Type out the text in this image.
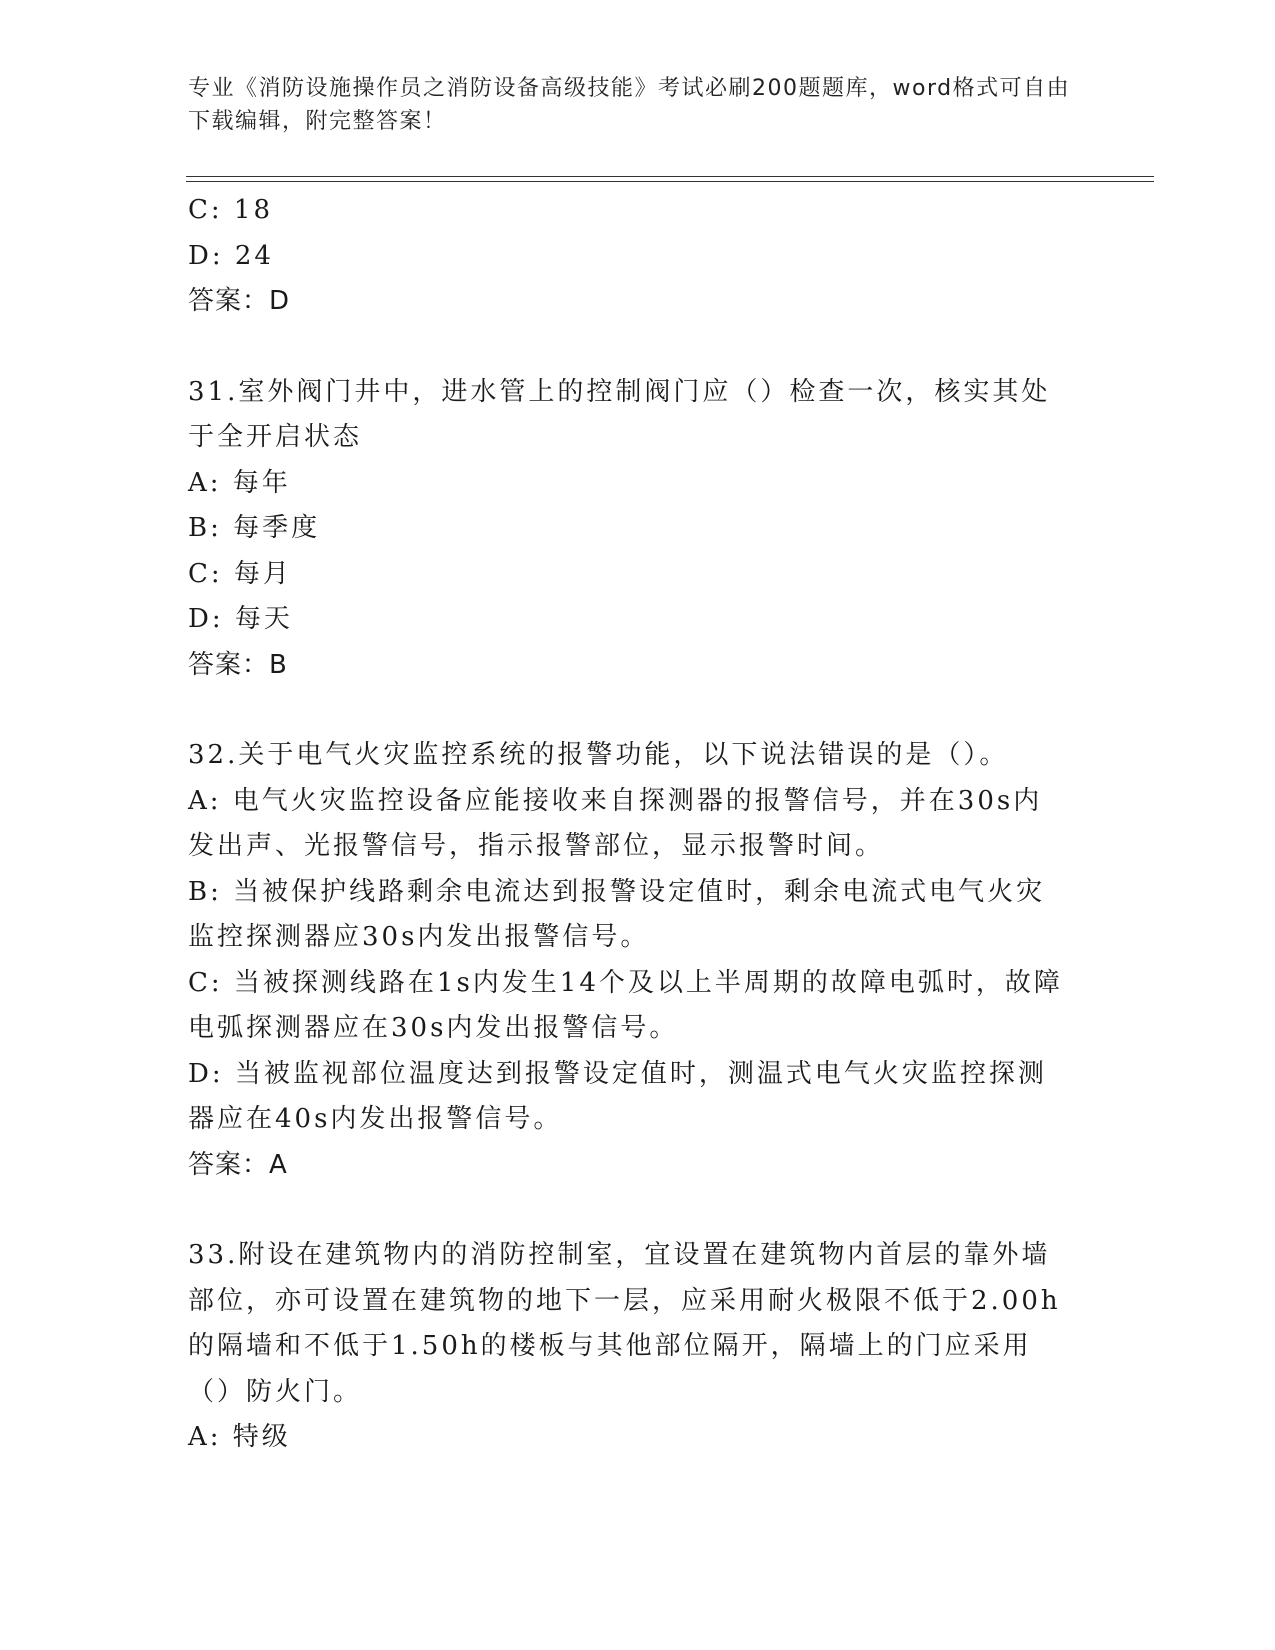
专业《消防设施操作员之消防设备高级技能》考试必刷200题题库，word格式可自由下载编辑，附完整答案！

C: 18

D: 24

答案：D

31.室外阀门井中，进水管上的控制阀门应（）检查一次，核实其处于全开启状态

A: 每年

B: 每季度

C: 每月

D: 每天

答案：B

32.关于电气火灾监控系统的报警功能，以下说法错误的是（）。

A: 电气火灾监控设备应能接收来自探测器的报警信号，并在30s内发出声、光报警信号，指示报警部位，显示报警时间。

B: 当被保护线路剩余电流达到报警设定值时，剩余电流式电气火灾监控探测器应30s内发出报警信号。

C: 当被探测线路在1s内发生14个及以上半周期的故障电弧时，故障电弧探测器应在30s内发出报警信号。

D: 当被监视部位温度达到报警设定值时，测温式电气火灾监控探测器应在40s内发出报警信号。

答案：A

33.附设在建筑物内的消防控制室，宜设置在建筑物内首层的靠外墙部位，亦可设置在建筑物的地下一层，应采用耐火极限不低于2.00h的隔墙和不低于1.50h的楼板与其他部位隔开，隔墙上的门应采用（）防火门。

A: 特级
